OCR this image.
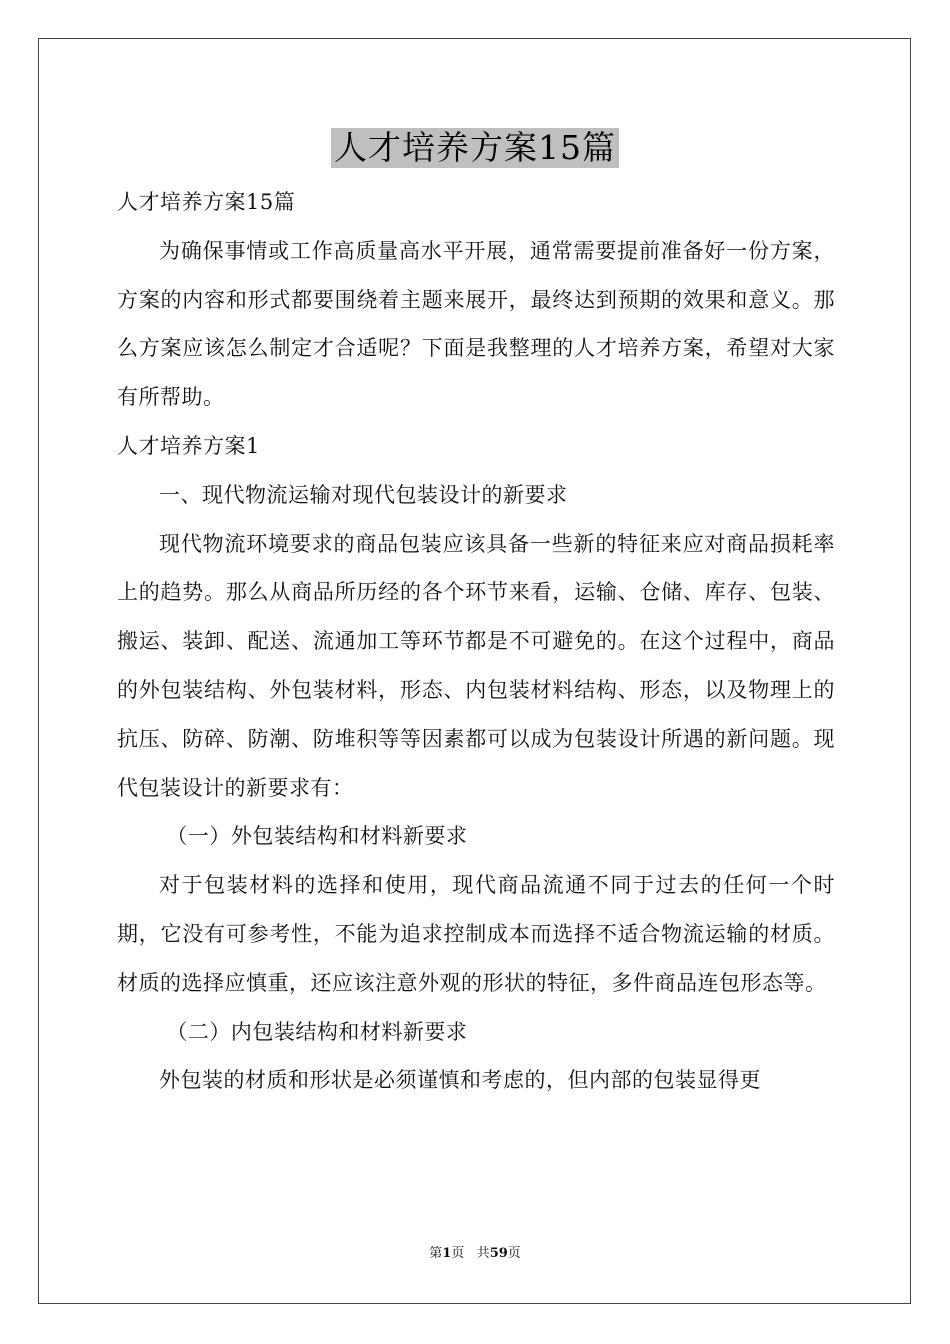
人才培养方案15篇

人才培养方案15篇

为确保事情或工作高质量高水平开展，通常需要提前准备好一份方案，方案的内容和形式都要围绕着主题来展开，最终达到预期的效果和意义。那么方案应该怎么制定才合适呢？下面是我整理的人才培养方案，希望对大家有所帮助。

人才培养方案1

一、现代物流运输对现代包装设计的新要求

现代物流环境要求的商品包装应该具备一些新的特征来应对商品损耗率上的趋势。那么从商品所历经的各个环节来看，运输、仓储、库存、包装、搬运、装卸、配送、流通加工等环节都是不可避免的。在这个过程中，商品的外包装结构、外包装材料，形态、内包装材料结构、形态，以及物理上的抗压、防碎、防潮、防堆积等等因素都可以成为包装设计所遇的新问题。现代包装设计的新要求有：

（一）外包装结构和材料新要求

对于包装材料的选择和使用，现代商品流通不同于过去的任何一个时期，它没有可参考性，不能为追求控制成本而选择不适合物流运输的材质。材质的选择应慎重，还应该注意外观的形状的特征，多件商品连包形态等。

（二）内包装结构和材料新要求

外包装的材质和形状是必须谨慎和考虑的，但内部的包装显得更

第1页 共59页
